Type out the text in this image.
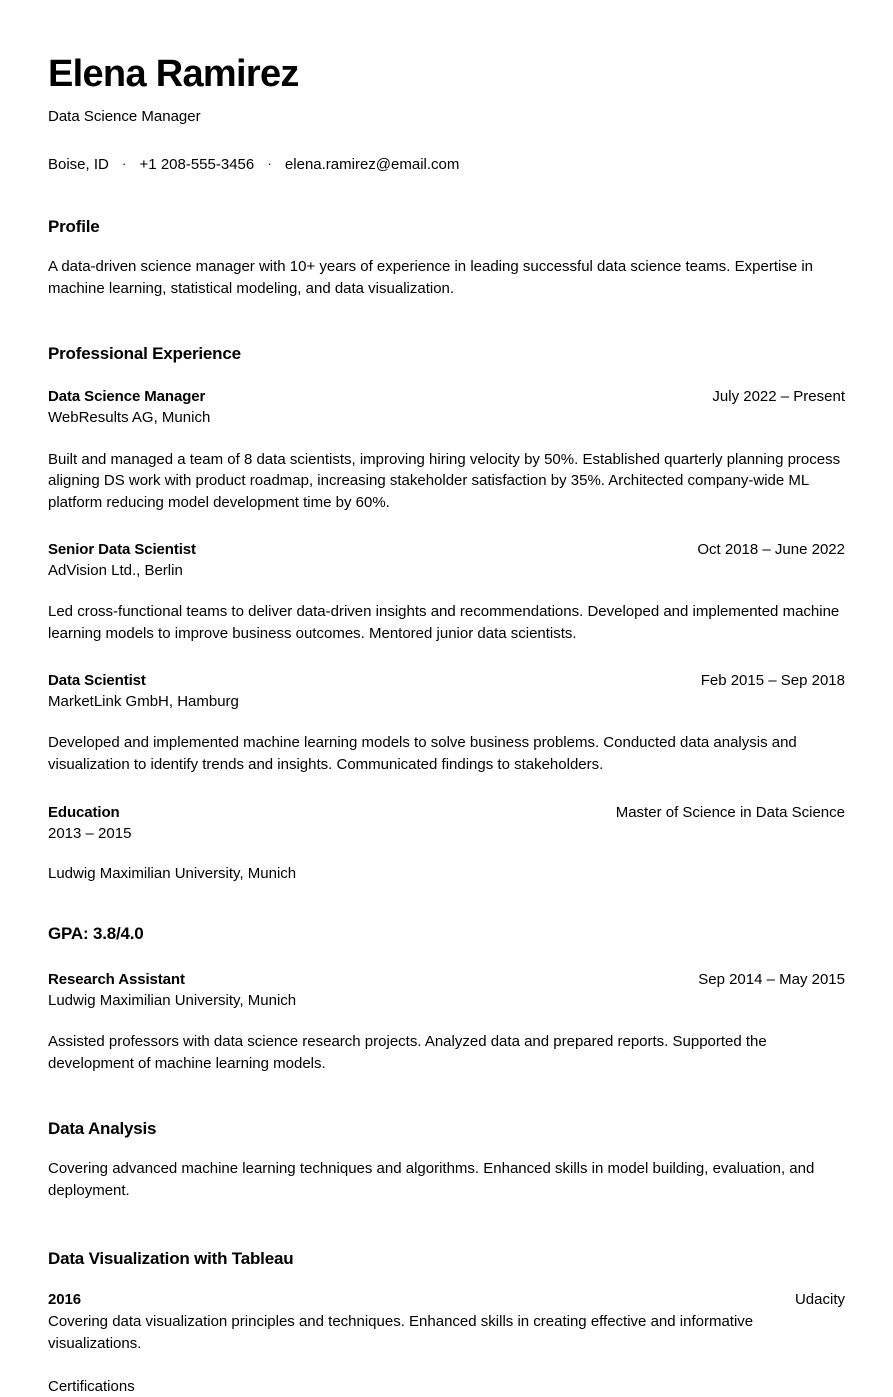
Elena Ramirez
Data Science Manager
Boise, ID · +1 208-555-3456 · elena.ramirez@email.com
Profile

A data-driven science manager with 10+ years of experience in leading successful data science teams. Expertise in machine learning, statistical modeling, and data visualization.

Professional Experience
Data Science Manager	July 2022 – Present
WebResults AG, Munich

Built and managed a team of 8 data scientists, improving hiring velocity by 50%. Established quarterly planning process aligning DS work with product roadmap, increasing stakeholder satisfaction by 35%. Architected company-wide ML platform reducing model development time by 60%.

Senior Data Scientist	Oct 2018 – June 2022
AdVision Ltd., Berlin

Led cross-functional teams to deliver data-driven insights and recommendations. Developed and implemented machine learning models to improve business outcomes. Mentored junior data scientists.

Data Scientist	Feb 2015 – Sep 2018
MarketLink GmbH, Hamburg

Developed and implemented machine learning models to solve business problems. Conducted data analysis and visualization to identify trends and insights. Communicated findings to stakeholders.

Education	Master of Science in Data Science
2013 – 2015
Ludwig Maximilian University, Munich
GPA: 3.8/4.0
Research Assistant	Sep 2014 – May 2015
Ludwig Maximilian University, Munich

Assisted professors with data science research projects. Analyzed data and prepared reports. Supported the development of machine learning models.

Data Analysis

Covering advanced machine learning techniques and algorithms. Enhanced skills in model building, evaluation, and deployment.

Data Visualization with Tableau
2016	Udacity

Covering data visualization principles and techniques. Enhanced skills in creating effective and informative visualizations.

Certifications
